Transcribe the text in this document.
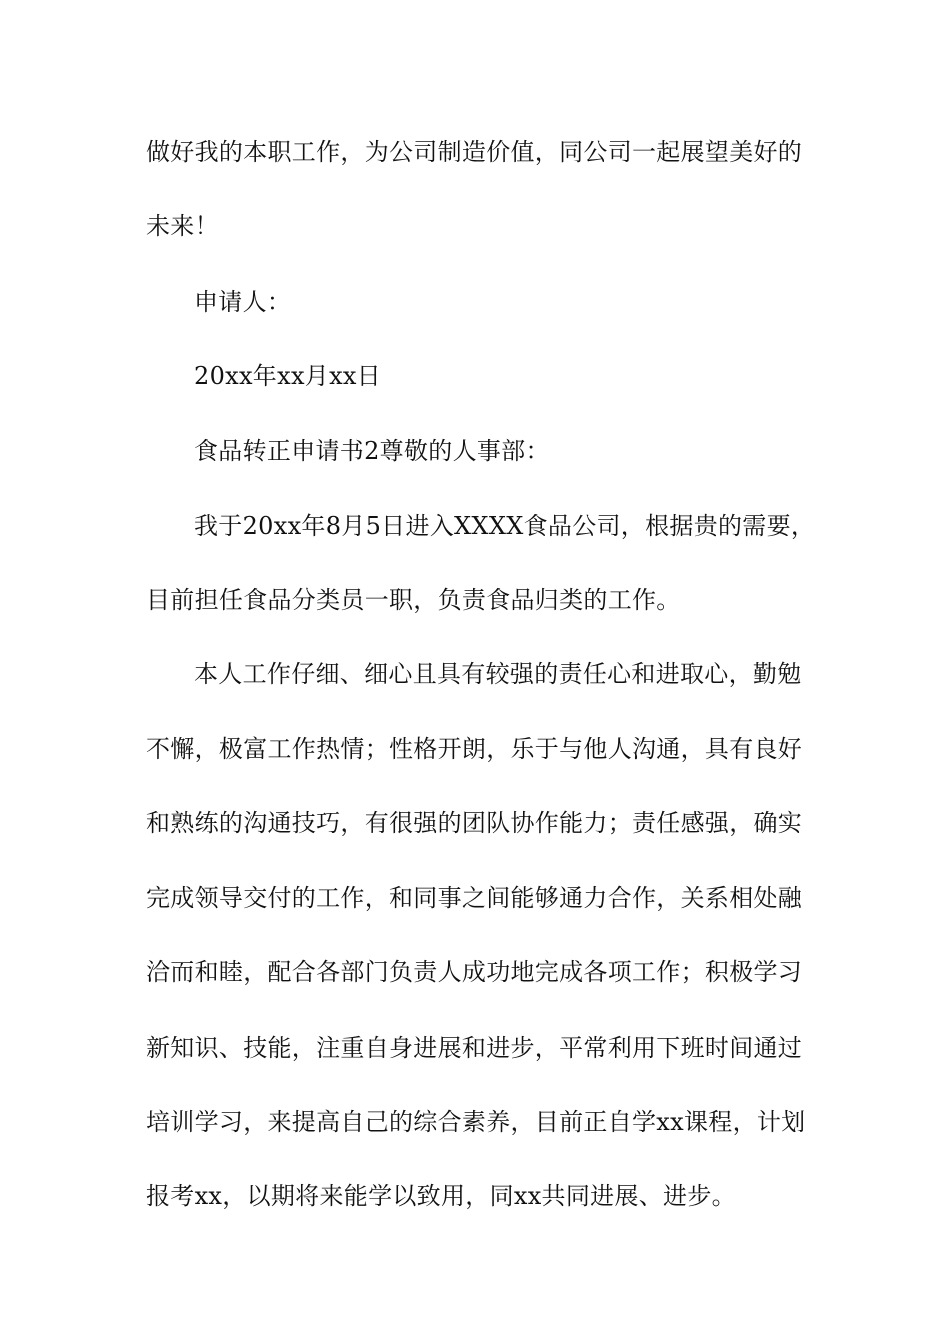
做好我的本职工作，为公司制造价值，同公司一起展望美好的
未来！
申请人：
20xx年xx月xx日
食品转正申请书2尊敬的人事部：
我于20xx年8月5日进入XXXX食品公司，根据贵的需要，
目前担任食品分类员一职，负责食品归类的工作。
本人工作仔细、细心且具有较强的责任心和进取心，勤勉
不懈，极富工作热情；性格开朗，乐于与他人沟通，具有良好
和熟练的沟通技巧，有很强的团队协作能力；责任感强，确实
完成领导交付的工作，和同事之间能够通力合作，关系相处融
洽而和睦，配合各部门负责人成功地完成各项工作；积极学习
新知识、技能，注重自身进展和进步，平常利用下班时间通过
培训学习，来提高自己的综合素养，目前正自学xx课程，计划
报考xx，以期将来能学以致用，同xx共同进展、进步。
